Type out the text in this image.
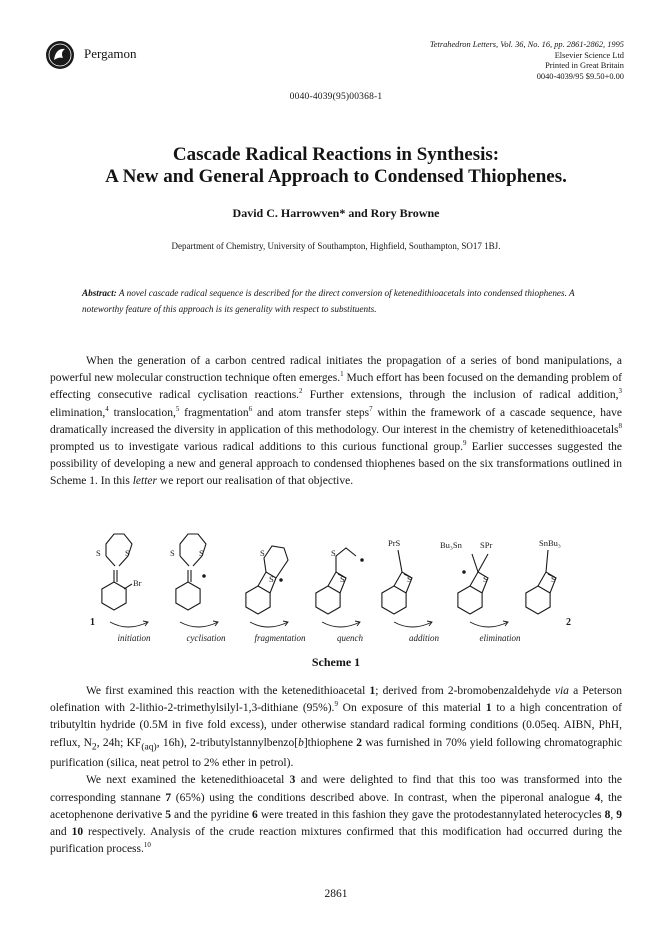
Pergamon
Tetrahedron Letters, Vol. 36, No. 16, pp. 2861-2862, 1995
Elsevier Science Ltd
Printed in Great Britain
0040-4039/95 $9.50+0.00
0040-4039(95)00368-1
Cascade Radical Reactions in Synthesis:
A New and General Approach to Condensed Thiophenes.
David C. Harrowven* and Rory Browne
Department of Chemistry, University of Southampton, Highfield, Southampton, SO17 1BJ.
Abstract: A novel cascade radical sequence is described for the direct conversion of ketenedithioacetals into condensed thiophenes. A noteworthy feature of this approach is its generality with respect to substituents.
When the generation of a carbon centred radical initiates the propagation of a series of bond manipulations, a powerful new molecular construction technique often emerges.$^1$ Much effort has been focused on the demanding problem of effecting consecutive radical cyclisation reactions.$^2$ Further extensions, through the inclusion of radical addition,$^3$ elimination,$^4$ translocation,$^5$ fragmentation$^6$ and atom transfer steps$^7$ within the framework of a cascade sequence, have dramatically increased the diversity in application of this methodology. Our interest in the chemistry of ketenedithioacetals$^8$ prompted us to investigate various radical additions to this curious functional group.$^9$ Earlier successes suggested the possibility of developing a new and general approach to condensed thiophenes based on the six transformations outlined in Scheme 1. In this letter we report our realisation of that objective.
S	S
Br
S	S	S
S
S
S
PrS
S
Bu₃Sn SPr
S
SnBu₃
S
1	2
initiation	cyclisation	fragmentation	quench	addition	elimination
Scheme 1

We first examined this reaction with the ketenedithioacetal 1; derived from 2-bromobenzaldehyde via a Peterson olefination with 2-lithio-2-trimethylsilyl-1,3-dithiane (95%).$^9$ On exposure of this material 1 to a high concentration of tributyltin hydride (0.5M in five fold excess), under otherwise standard radical forming conditions (0.05eq. AIBN, PhH, reflux, $N_2$, 24h; $KF_{(aq)}$, 16h), 2-tributylstannylbenzo[b]thiophene 2 was furnished in 70% yield following chromatographic purification (silica, neat petrol to 2% ether in petrol).

We next examined the ketenedithioacetal 3 and were delighted to find that this too was transformed into the corresponding stannane 7 (65%) using the conditions described above. In contrast, when the piperonal analogue 4, the acetophenone derivative 5 and the pyridine 6 were treated in this fashion they gave the protodestannylated heterocycles 8, 9 and 10 respectively. Analysis of the crude reaction mixtures confirmed that this modification had occurred during the purification process.$^{10}$

2861
